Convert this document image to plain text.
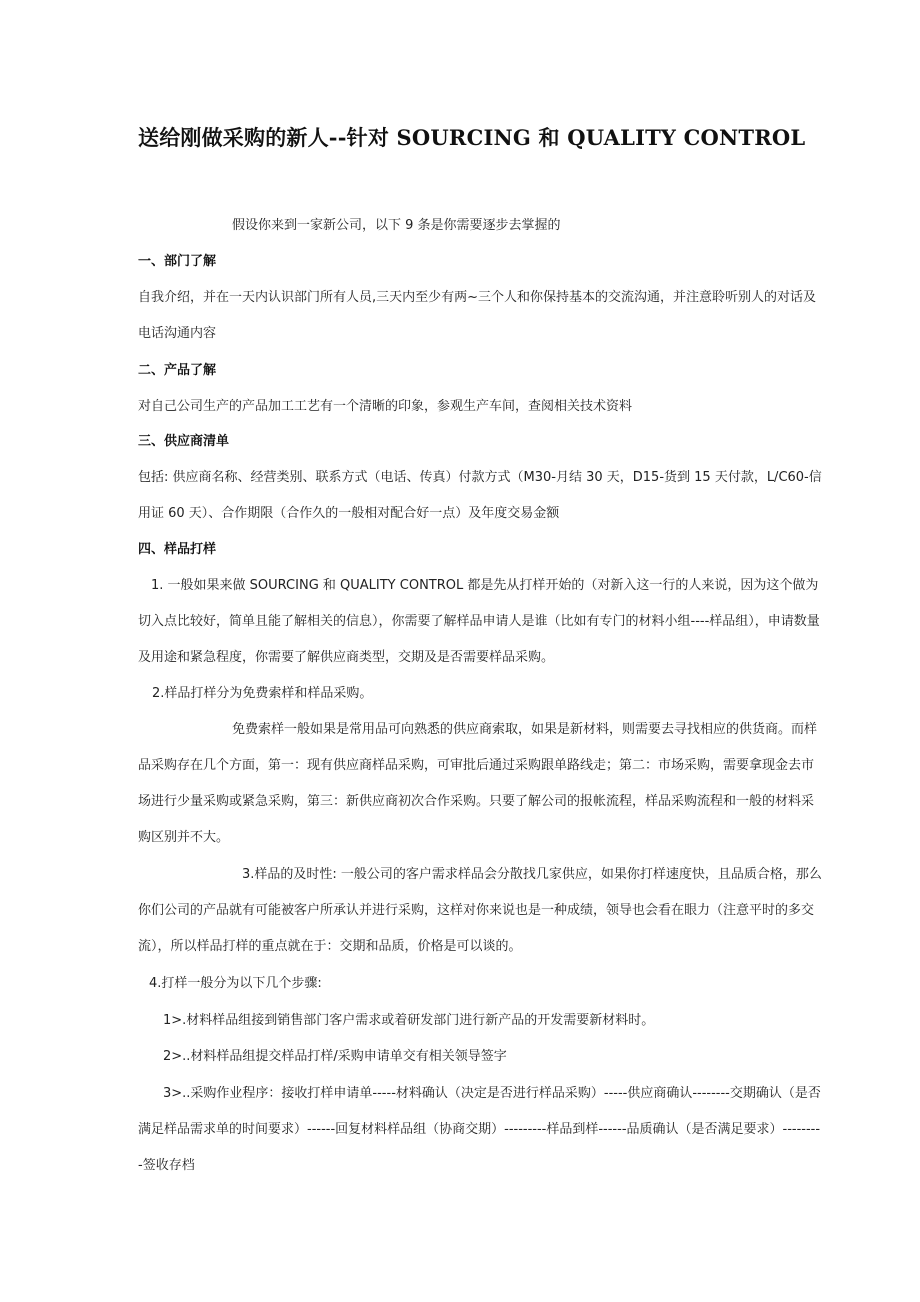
送给刚做采购的新人--针对 SOURCING 和 QUALITY CONTROL

假设你来到一家新公司，以下 9 条是你需要逐步去掌握的

一、部门了解

自我介绍，并在一天内认识部门所有人员,三天内至少有两~三个人和你保持基本的交流沟通，并注意聆听别人的对话及电话沟通内容

二、产品了解

对自己公司生产的产品加工工艺有一个清晰的印象，参观生产车间，查阅相关技术资料

三、供应商清单

包括: 供应商名称、经营类别、联系方式（电话、传真）付款方式（M30-月结 30 天，D15-货到 15 天付款，L/C60-信用证 60 天）、合作期限（合作久的一般相对配合好一点）及年度交易金额

四、样品打样

1. 一般如果来做 SOURCING 和 QUALITY CONTROL 都是先从打样开始的（对新入这一行的人来说，因为这个做为切入点比较好，简单且能了解相关的信息），你需要了解样品申请人是谁（比如有专门的材料小组----样品组），申请数量及用途和紧急程度，你需要了解供应商类型，交期及是否需要样品采购。

2.样品打样分为免费索样和样品采购。

免费索样一般如果是常用品可向熟悉的供应商索取，如果是新材料，则需要去寻找相应的供货商。而样品采购存在几个方面，第一：现有供应商样品采购，可审批后通过采购跟单路线走；第二：市场采购，需要拿现金去市场进行少量采购或紧急采购，第三：新供应商初次合作采购。只要了解公司的报帐流程，样品采购流程和一般的材料采购区别并不大。

3.样品的及时性: 一般公司的客户需求样品会分散找几家供应，如果你打样速度快，且品质合格，那么你们公司的产品就有可能被客户所承认并进行采购，这样对你来说也是一种成绩，领导也会看在眼力（注意平时的多交流），所以样品打样的重点就在于：交期和品质，价格是可以谈的。

4.打样一般分为以下几个步骤:

1>.材料样品组接到销售部门客户需求或着研发部门进行新产品的开发需要新材料时。

2>..材料样品组提交样品打样/采购申请单交有相关领导签字

3>..采购作业程序：接收打样申请单-----材料确认（决定是否进行样品采购）-----供应商确认--------交期确认（是否满足样品需求单的时间要求）------回复材料样品组（协商交期）---------样品到样------品质确认（是否满足要求）---------签收存档
